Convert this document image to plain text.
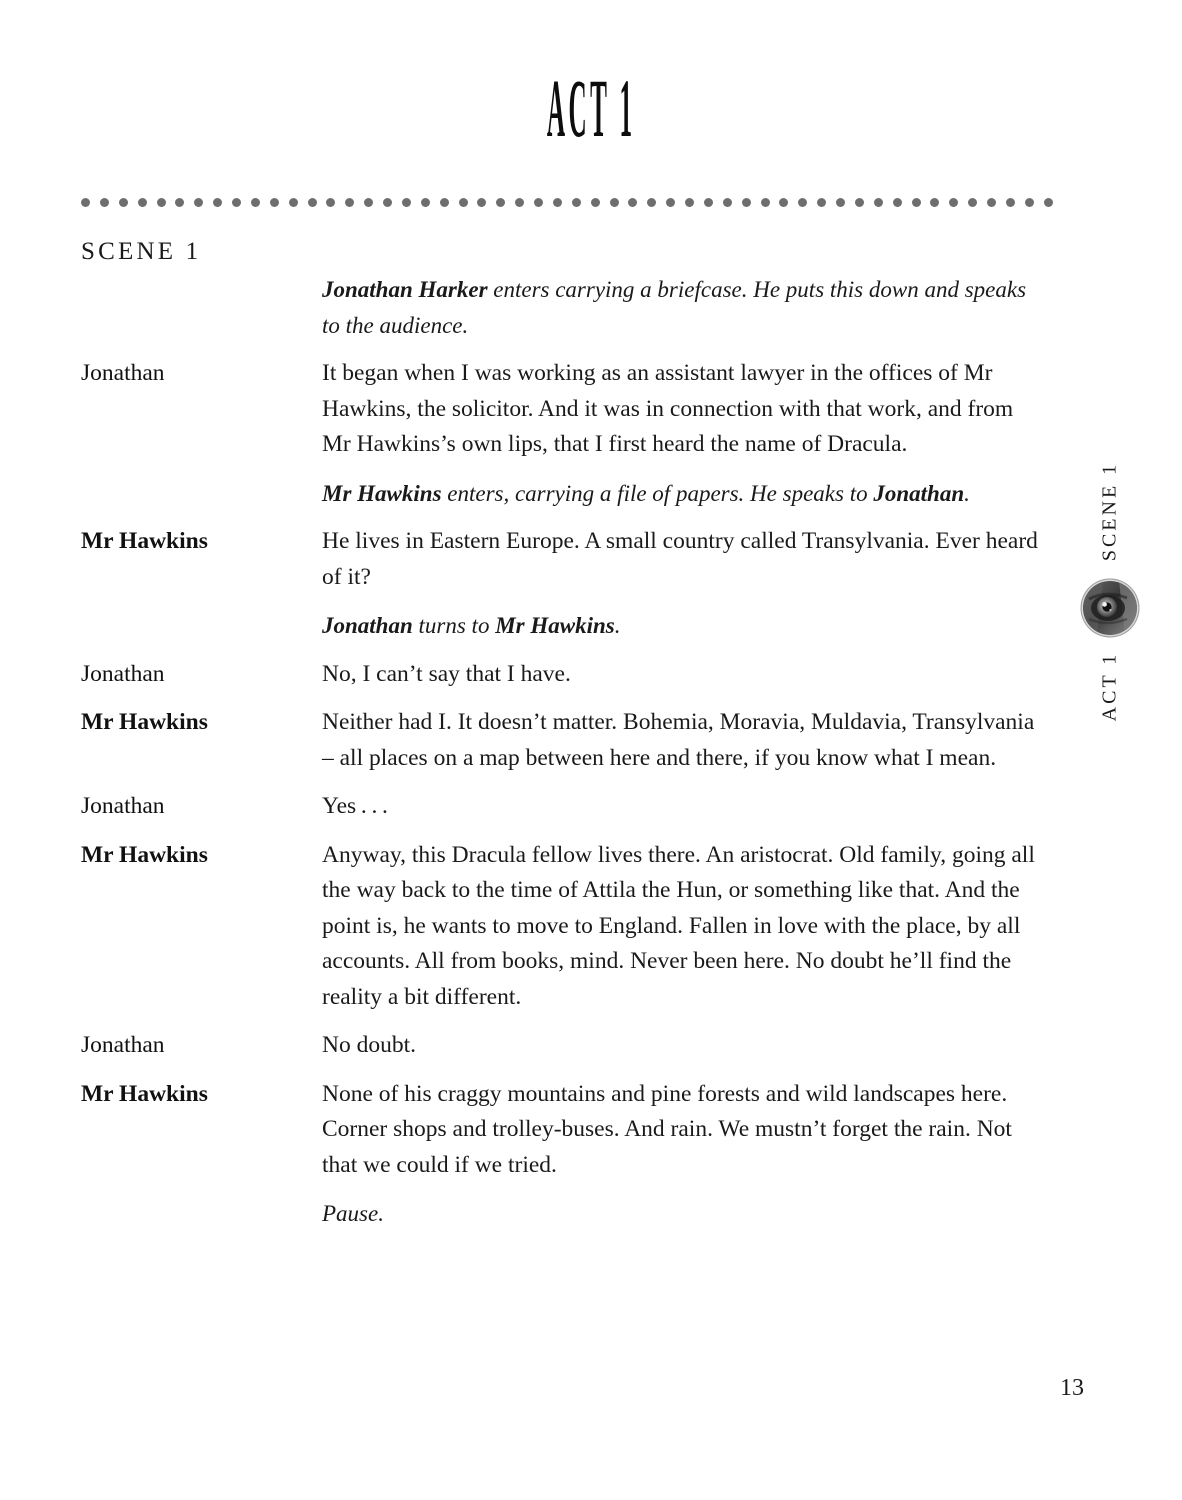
ACT 1
SCENE 1
Jonathan Harker enters carrying a briefcase. He puts this down and speaks to the audience.
Jonathan	It began when I was working as an assistant lawyer in the offices of Mr Hawkins, the solicitor. And it was in connection with that work, and from Mr Hawkins’s own lips, that I first heard the name of Dracula.
Mr Hawkins enters, carrying a file of papers. He speaks to Jonathan.
Mr Hawkins	He lives in Eastern Europe. A small country called Transylvania. Ever heard of it?
Jonathan turns to Mr Hawkins.
Jonathan	No, I can’t say that I have.
Mr Hawkins	Neither had I. It doesn’t matter. Bohemia, Moravia, Muldavia, Transylvania – all places on a map between here and there, if you know what I mean.
Jonathan	Yes . . .
Mr Hawkins	Anyway, this Dracula fellow lives there. An aristocrat. Old family, going all the way back to the time of Attila the Hun, or something like that. And the point is, he wants to move to England. Fallen in love with the place, by all accounts. All from books, mind. Never been here. No doubt he’ll find the reality a bit different.
Jonathan	No doubt.
Mr Hawkins	None of his craggy mountains and pine forests and wild landscapes here. Corner shops and trolley-buses. And rain. We mustn’t forget the rain. Not that we could if we tried.
Pause.
SCENE 1
ACT 1
13
